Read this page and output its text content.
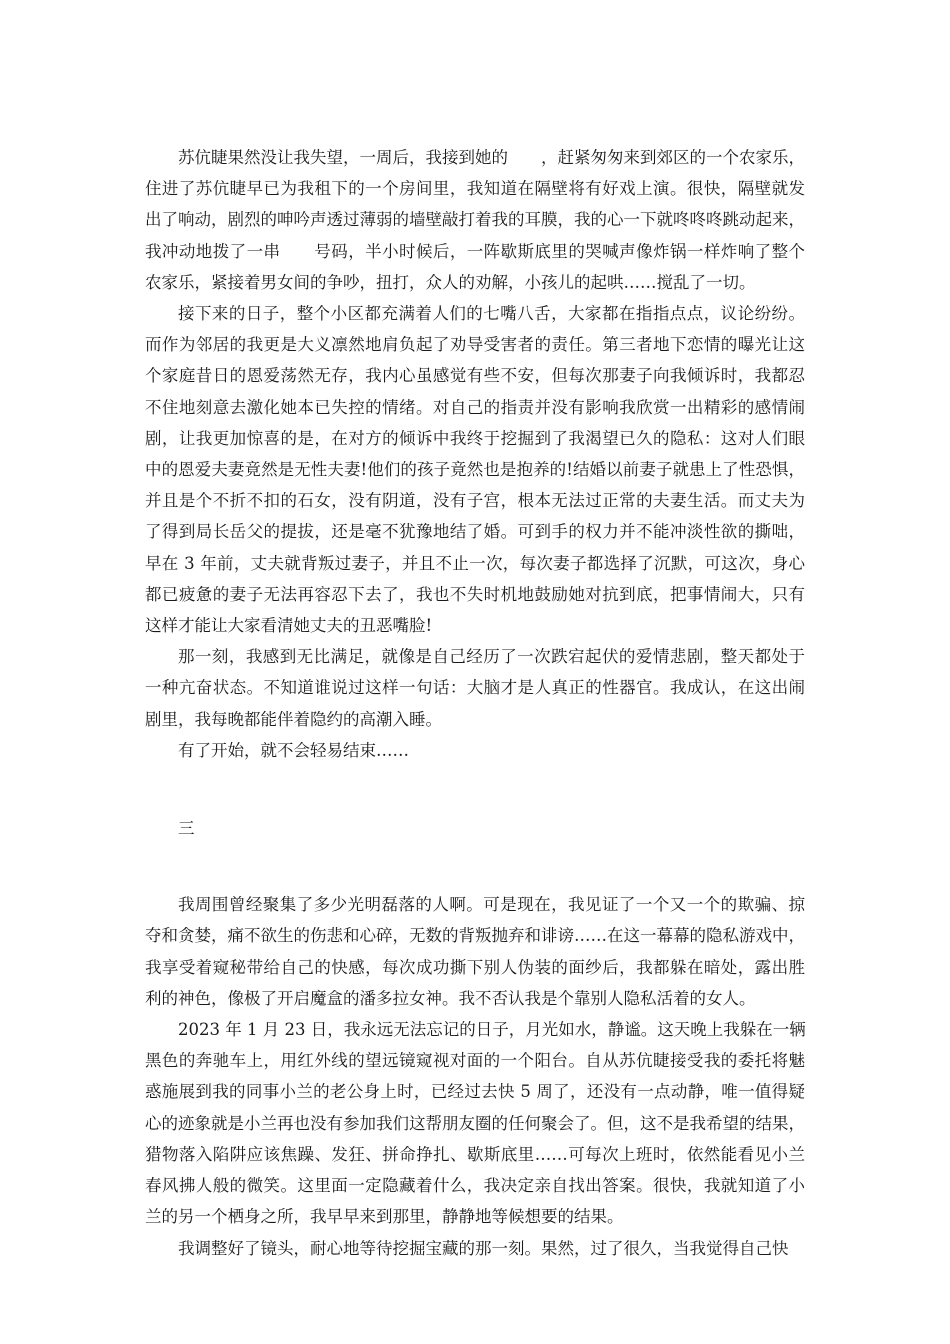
苏伉睫果然没让我失望，一周后，我接到她的　　，赶紧匆匆来到郊区的一个农家乐，
住进了苏伉睫早已为我租下的一个房间里，我知道在隔壁将有好戏上演。很快，隔壁就发
出了响动，剧烈的呻吟声透过薄弱的墙壁敲打着我的耳膜，我的心一下就咚咚咚跳动起来，
我冲动地拨了一串　　号码，半小时候后，一阵歇斯底里的哭喊声像炸锅一样炸响了整个
农家乐，紧接着男女间的争吵，扭打，众人的劝解，小孩儿的起哄……搅乱了一切。

接下来的日子，整个小区都充满着人们的七嘴八舌，大家都在指指点点，议论纷纷。
而作为邻居的我更是大义凛然地肩负起了劝导受害者的责任。第三者地下恋情的曝光让这
个家庭昔日的恩爱荡然无存，我内心虽感觉有些不安，但每次那妻子向我倾诉时，我都忍
不住地刻意去激化她本已失控的情绪。对自己的指责并没有影响我欣赏一出精彩的感情闹
剧，让我更加惊喜的是，在对方的倾诉中我终于挖掘到了我渴望已久的隐私：这对人们眼
中的恩爱夫妻竟然是无性夫妻!他们的孩子竟然也是抱养的!结婚以前妻子就患上了性恐惧，
并且是个不折不扣的石女，没有阴道，没有子宫，根本无法过正常的夫妻生活。而丈夫为
了得到局长岳父的提拔，还是毫不犹豫地结了婚。可到手的权力并不能冲淡性欲的撕咄，
早在 3 年前，丈夫就背叛过妻子，并且不止一次，每次妻子都选择了沉默，可这次，身心
都已疲惫的妻子无法再容忍下去了，我也不失时机地鼓励她对抗到底，把事情闹大，只有
这样才能让大家看清她丈夫的丑恶嘴脸!

那一刻，我感到无比满足，就像是自己经历了一次跌宕起伏的爱情悲剧，整天都处于
一种亢奋状态。不知道谁说过这样一句话：大脑才是人真正的性器官。我成认，在这出闹
剧里，我每晚都能伴着隐约的高潮入睡。

有了开始，就不会轻易结束……

三

我周围曾经聚集了多少光明磊落的人啊。可是现在，我见证了一个又一个的欺骗、掠
夺和贪婪，痛不欲生的伤悲和心碎，无数的背叛抛弃和诽谤……在这一幕幕的隐私游戏中，
我享受着窥秘带给自己的快感，每次成功撕下别人伪装的面纱后，我都躲在暗处，露出胜
利的神色，像极了开启魔盒的潘多拉女神。我不否认我是个靠别人隐私活着的女人。

2023 年 1 月 23 日，我永远无法忘记的日子，月光如水，静谧。这天晚上我躲在一辆
黑色的奔驰车上，用红外线的望远镜窥视对面的一个阳台。自从苏伉睫接受我的委托将魅
惑施展到我的同事小兰的老公身上时，已经过去快 5 周了，还没有一点动静，唯一值得疑
心的迹象就是小兰再也没有参加我们这帮朋友圈的任何聚会了。但，这不是我希望的结果，
猎物落入陷阱应该焦躁、发狂、拼命挣扎、歇斯底里……可每次上班时，依然能看见小兰
春风拂人般的微笑。这里面一定隐藏着什么，我决定亲自找出答案。很快，我就知道了小
兰的另一个栖身之所，我早早来到那里，静静地等候想要的结果。

我调整好了镜头，耐心地等待挖掘宝藏的那一刻。果然，过了很久，当我觉得自己快
